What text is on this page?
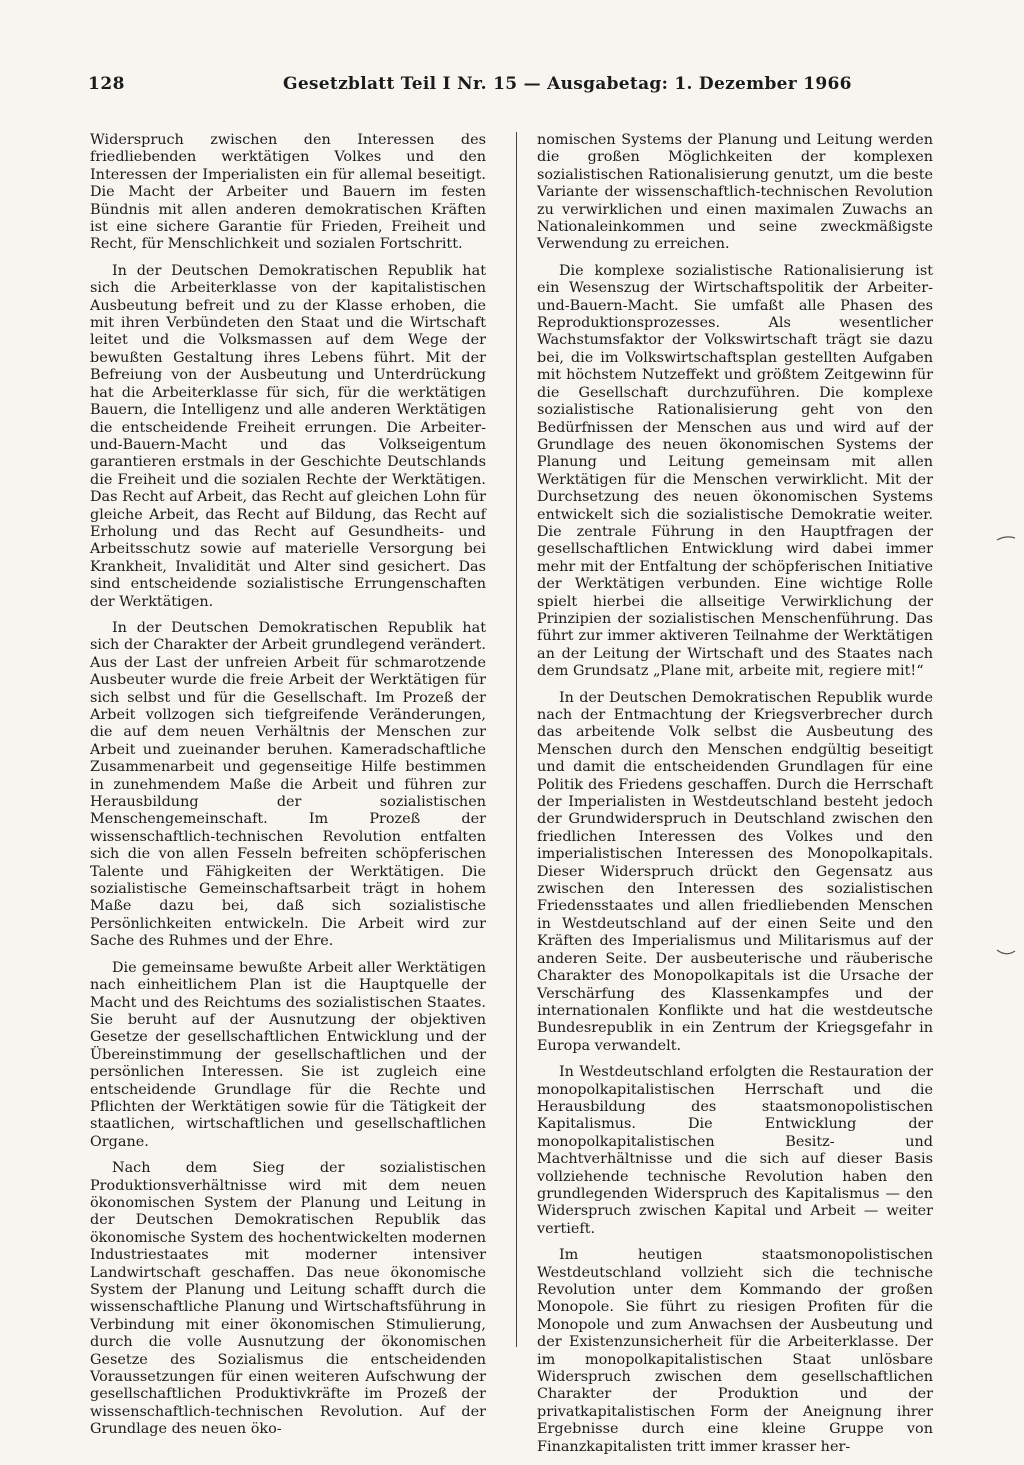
128	Gesetzblatt Teil I Nr. 15 — Ausgabetag: 1. Dezember 1966

Widerspruch zwischen den Interessen des friedliebenden werktätigen Volkes und den Interessen der Imperialisten ein für allemal beseitigt. Die Macht der Arbeiter und Bauern im festen Bündnis mit allen anderen demokratischen Kräften ist eine sichere Garantie für Frieden, Freiheit und Recht, für Menschlichkeit und sozialen Fortschritt.

In der Deutschen Demokratischen Republik hat sich die Arbeiterklasse von der kapitalistischen Ausbeutung befreit und zu der Klasse erhoben, die mit ihren Verbündeten den Staat und die Wirtschaft leitet und die Volksmassen auf dem Wege der bewußten Gestaltung ihres Lebens führt. Mit der Befreiung von der Ausbeutung und Unterdrückung hat die Arbeiterklasse für sich, für die werktätigen Bauern, die Intelligenz und alle anderen Werktätigen die entscheidende Freiheit errungen. Die Arbeiter-und-Bauern-Macht und das Volkseigentum garantieren erstmals in der Geschichte Deutschlands die Freiheit und die sozialen Rechte der Werktätigen. Das Recht auf Arbeit, das Recht auf gleichen Lohn für gleiche Arbeit, das Recht auf Bildung, das Recht auf Erholung und das Recht auf Gesundheits- und Arbeitsschutz sowie auf materielle Versorgung bei Krankheit, Invalidität und Alter sind gesichert. Das sind entscheidende sozialistische Errungenschaften der Werktätigen.

In der Deutschen Demokratischen Republik hat sich der Charakter der Arbeit grundlegend verändert. Aus der Last der unfreien Arbeit für schmarotzende Ausbeuter wurde die freie Arbeit der Werktätigen für sich selbst und für die Gesellschaft. Im Prozeß der Arbeit vollzogen sich tiefgreifende Veränderungen, die auf dem neuen Verhältnis der Menschen zur Arbeit und zueinander beruhen. Kameradschaftliche Zusammenarbeit und gegenseitige Hilfe bestimmen in zunehmendem Maße die Arbeit und führen zur Herausbildung der sozialistischen Menschengemeinschaft. Im Prozeß der wissenschaftlich-technischen Revolution entfalten sich die von allen Fesseln befreiten schöpferischen Talente und Fähigkeiten der Werktätigen. Die sozialistische Gemeinschaftsarbeit trägt in hohem Maße dazu bei, daß sich sozialistische Persönlichkeiten entwickeln. Die Arbeit wird zur Sache des Ruhmes und der Ehre.

Die gemeinsame bewußte Arbeit aller Werktätigen nach einheitlichem Plan ist die Hauptquelle der Macht und des Reichtums des sozialistischen Staates. Sie beruht auf der Ausnutzung der objektiven Gesetze der gesellschaftlichen Entwicklung und der Übereinstimmung der gesellschaftlichen und der persönlichen Interessen. Sie ist zugleich eine entscheidende Grundlage für die Rechte und Pflichten der Werktätigen sowie für die Tätigkeit der staatlichen, wirtschaftlichen und gesellschaftlichen Organe.

Nach dem Sieg der sozialistischen Produktionsverhältnisse wird mit dem neuen ökonomischen System der Planung und Leitung in der Deutschen Demokratischen Republik das ökonomische System des hochentwickelten modernen Industriestaates mit moderner intensiver Landwirtschaft geschaffen. Das neue ökonomische System der Planung und Leitung schafft durch die wissenschaftliche Planung und Wirtschaftsführung in Verbindung mit einer ökonomischen Stimulierung, durch die volle Ausnutzung der ökonomischen Gesetze des Sozialismus die entscheidenden Voraussetzungen für einen weiteren Aufschwung der gesellschaftlichen Produktivkräfte im Prozeß der wissenschaftlich-technischen Revolution. Auf der Grundlage des neuen öko-

nomischen Systems der Planung und Leitung werden die großen Möglichkeiten der komplexen sozialistischen Rationalisierung genutzt, um die beste Variante der wissenschaftlich-technischen Revolution zu verwirklichen und einen maximalen Zuwachs an Nationaleinkommen und seine zweckmäßigste Verwendung zu erreichen.

Die komplexe sozialistische Rationalisierung ist ein Wesenszug der Wirtschaftspolitik der Arbeiter-und-Bauern-Macht. Sie umfaßt alle Phasen des Reproduktionsprozesses. Als wesentlicher Wachstumsfaktor der Volkswirtschaft trägt sie dazu bei, die im Volkswirtschaftsplan gestellten Aufgaben mit höchstem Nutzeffekt und größtem Zeitgewinn für die Gesellschaft durchzuführen. Die komplexe sozialistische Rationalisierung geht von den Bedürfnissen der Menschen aus und wird auf der Grundlage des neuen ökonomischen Systems der Planung und Leitung gemeinsam mit allen Werktätigen für die Menschen verwirklicht. Mit der Durchsetzung des neuen ökonomischen Systems entwickelt sich die sozialistische Demokratie weiter. Die zentrale Führung in den Hauptfragen der gesellschaftlichen Entwicklung wird dabei immer mehr mit der Entfaltung der schöpferischen Initiative der Werktätigen verbunden. Eine wichtige Rolle spielt hierbei die allseitige Verwirklichung der Prinzipien der sozialistischen Menschenführung. Das führt zur immer aktiveren Teilnahme der Werktätigen an der Leitung der Wirtschaft und des Staates nach dem Grundsatz „Plane mit, arbeite mit, regiere mit!“

In der Deutschen Demokratischen Republik wurde nach der Entmachtung der Kriegsverbrecher durch das arbeitende Volk selbst die Ausbeutung des Menschen durch den Menschen endgültig beseitigt und damit die entscheidenden Grundlagen für eine Politik des Friedens geschaffen. Durch die Herrschaft der Imperialisten in Westdeutschland besteht jedoch der Grundwiderspruch in Deutschland zwischen den friedlichen Interessen des Volkes und den imperialistischen Interessen des Monopolkapitals. Dieser Widerspruch drückt den Gegensatz aus zwischen den Interessen des sozialistischen Friedensstaates und allen friedliebenden Menschen in Westdeutschland auf der einen Seite und den Kräften des Imperialismus und Militarismus auf der anderen Seite. Der ausbeuterische und räuberische Charakter des Monopolkapitals ist die Ursache der Verschärfung des Klassenkampfes und der internationalen Konflikte und hat die westdeutsche Bundesrepublik in ein Zentrum der Kriegsgefahr in Europa verwandelt.

In Westdeutschland erfolgten die Restauration der monopolkapitalistischen Herrschaft und die Herausbildung des staatsmonopolistischen Kapitalismus. Die Entwicklung der monopolkapitalistischen Besitz- und Machtverhältnisse und die sich auf dieser Basis vollziehende technische Revolution haben den grundlegenden Widerspruch des Kapitalismus — den Widerspruch zwischen Kapital und Arbeit — weiter vertieft.

Im heutigen staatsmonopolistischen Westdeutschland vollzieht sich die technische Revolution unter dem Kommando der großen Monopole. Sie führt zu riesigen Profiten für die Monopole und zum Anwachsen der Ausbeutung und der Existenzunsicherheit für die Arbeiterklasse. Der im monopolkapitalistischen Staat unlösbare Widerspruch zwischen dem gesellschaftlichen Charakter der Produktion und der privatkapitalistischen Form der Aneignung ihrer Ergebnisse durch eine kleine Gruppe von Finanzkapitalisten tritt immer krasser her-
